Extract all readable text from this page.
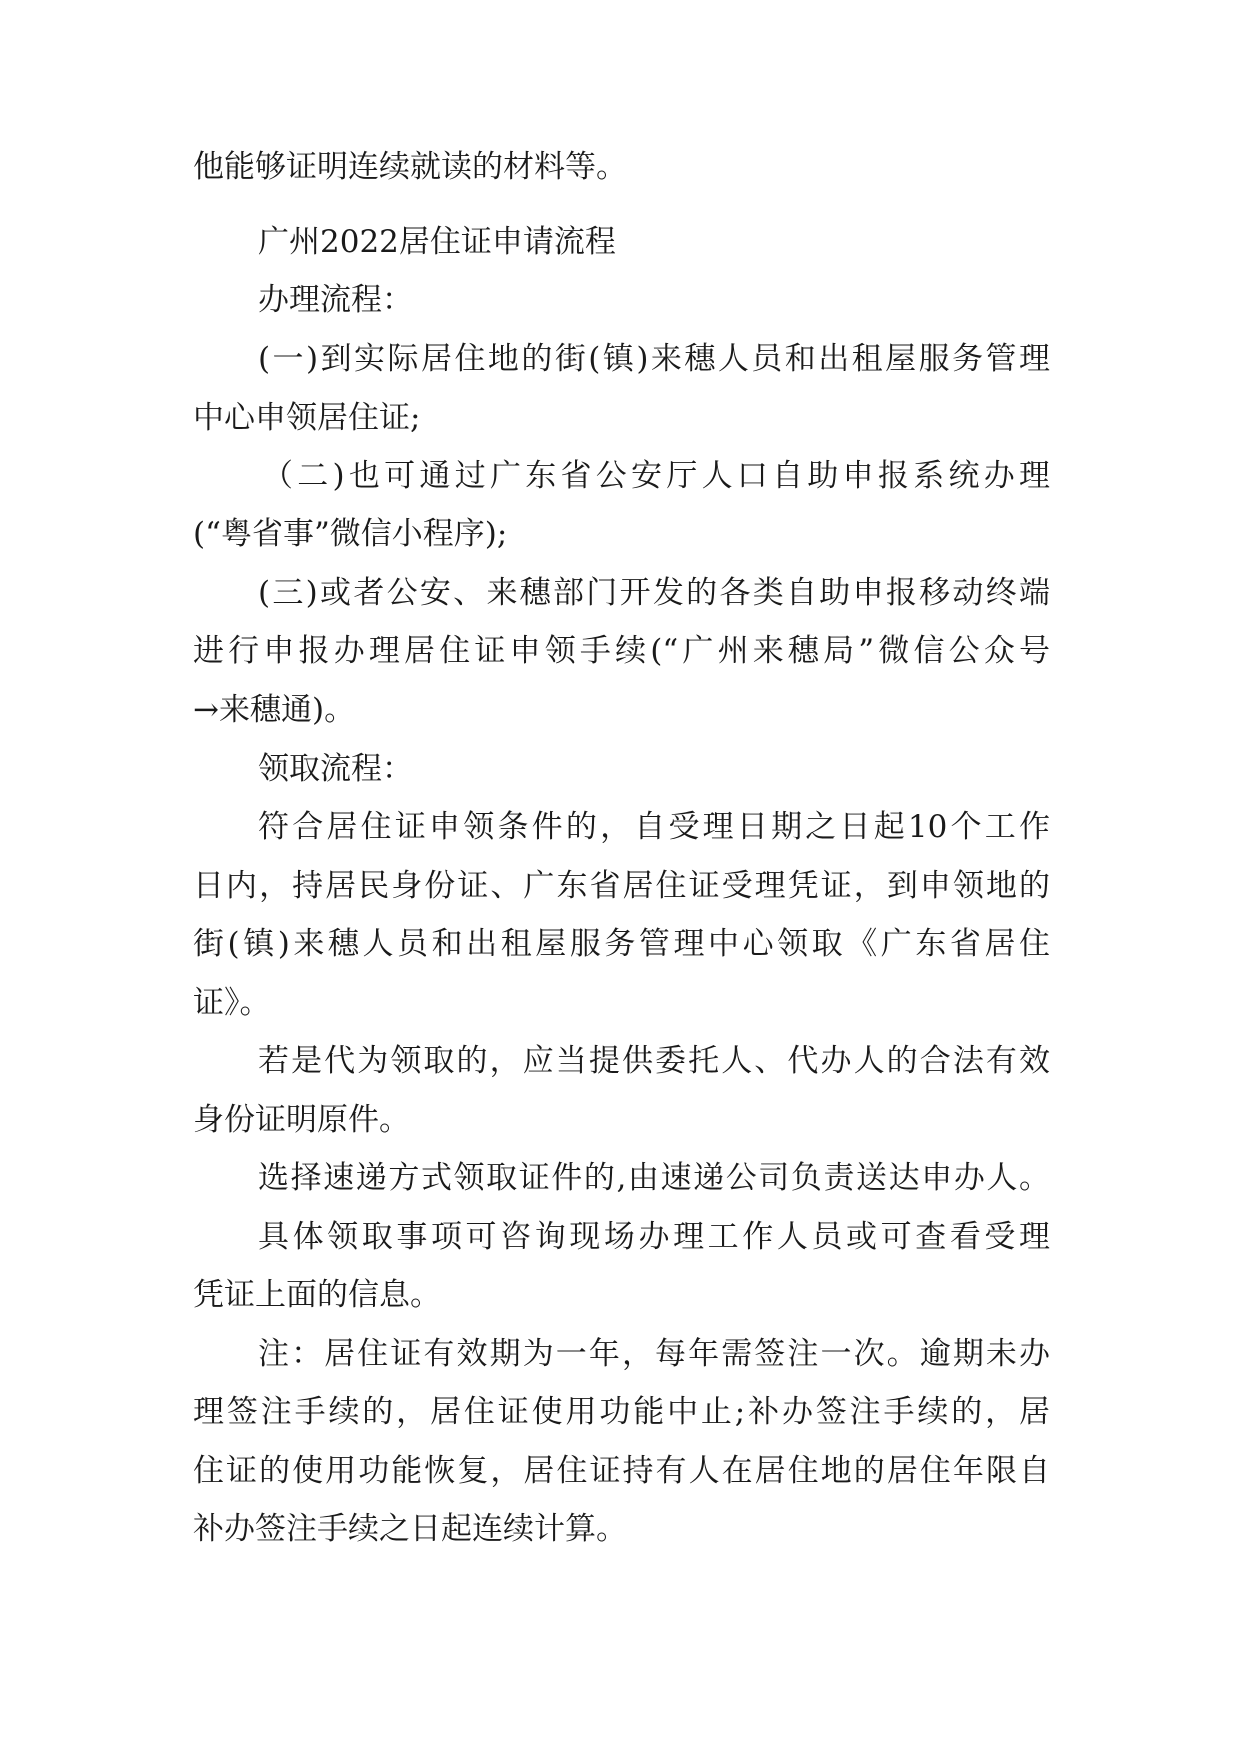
他能够证明连续就读的材料等。
广州2022居住证申请流程
办理流程：
(一)到实际居住地的街(镇)来穗人员和出租屋服务管理
中心申领居住证;
（二)也可通过广东省公安厅人口自助申报系统办理
(“粤省事”微信小程序);
(三)或者公安、来穗部门开发的各类自助申报移动终端
进行申报办理居住证申领手续(“广州来穗局”微信公众号
→来穗通)。
领取流程：
符合居住证申领条件的，自受理日期之日起10个工作
日内，持居民身份证、广东省居住证受理凭证，到申领地的
街(镇)来穗人员和出租屋服务管理中心领取《广东省居住
证》。
若是代为领取的，应当提供委托人、代办人的合法有效
身份证明原件。
选择速递方式领取证件的,由速递公司负责送达申办人。
具体领取事项可咨询现场办理工作人员或可查看受理
凭证上面的信息。
注：居住证有效期为一年，每年需签注一次。逾期未办
理签注手续的，居住证使用功能中止;补办签注手续的，居
住证的使用功能恢复，居住证持有人在居住地的居住年限自
补办签注手续之日起连续计算。
